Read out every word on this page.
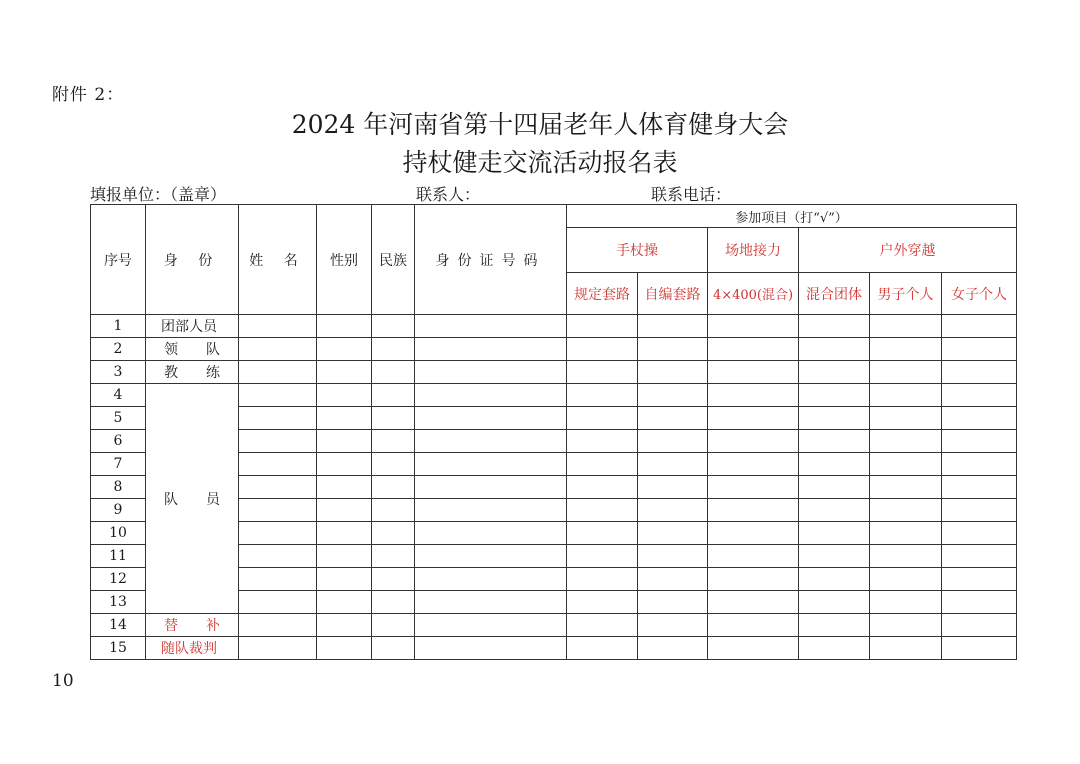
附件 2：
2024 年河南省第十四届老年人体育健身大会
持杖健走交流活动报名表
填报单位：（盖章）	联系人：	联系电话：
序号	身 份	姓 名	性别	民族	身份证号码	参加项目（打“√”）					
						手杖操		场地接力	户外穿越		
						规定套路	自编套路	4×400(混合)	混合团体	男子个人	女子个人
1	团部人员										
2	领 队										

3	教 练										

4	队 员										

5											
6											
7											
8											
9											
10											
11											
12											
13											
14	替 补										

15	随队裁判										
10
